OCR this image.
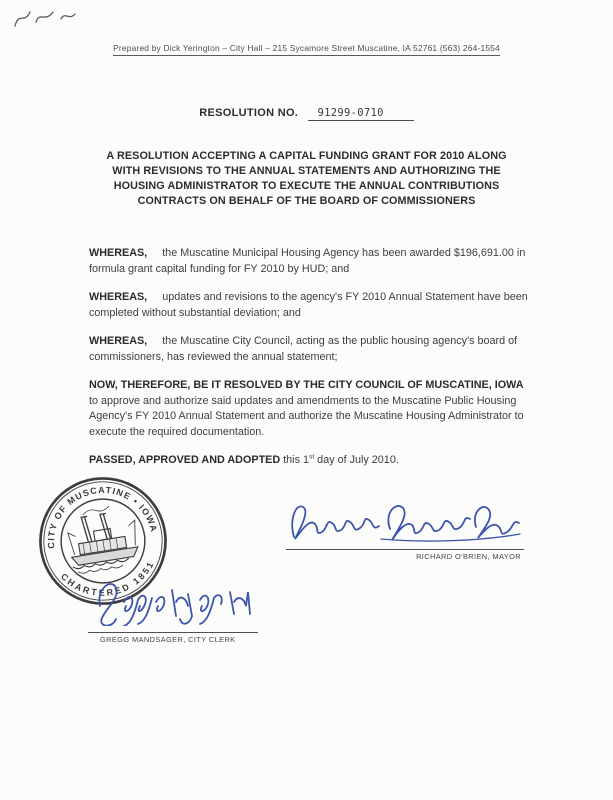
Prepared by Dick Yerington – City Hall – 215 Sycamore Street Muscatine, IA 52761 (563) 264-1554
RESOLUTION NO. 91299-0710
A RESOLUTION ACCEPTING A CAPITAL FUNDING GRANT FOR 2010 ALONG
WITH REVISIONS TO THE ANNUAL STATEMENTS AND AUTHORIZING THE
HOUSING ADMINISTRATOR TO EXECUTE THE ANNUAL CONTRIBUTIONS
CONTRACTS ON BEHALF OF THE BOARD OF COMMISSIONERS

WHEREAS, the Muscatine Municipal Housing Agency has been awarded $196,691.00 in formula grant capital funding for FY 2010 by HUD; and

WHEREAS, updates and revisions to the agency's FY 2010 Annual Statement have been completed without substantial deviation; and

WHEREAS, the Muscatine City Council, acting as the public housing agency's board of commissioners, has reviewed the annual statement;

NOW, THEREFORE, BE IT RESOLVED BY THE CITY COUNCIL OF MUSCATINE, IOWA to approve and authorize said updates and amendments to the Muscatine Public Housing Agency's FY 2010 Annual Statement and authorize the Muscatine Housing Administrator to execute the required documentation.

PASSED, APPROVED AND ADOPTED this 1st day of July 2010.

CITY OF MUSCATINE • IOWA
CHARTERED 1851
RICHARD O'BRIEN, MAYOR
GREGG MANDSAGER, CITY CLERK
